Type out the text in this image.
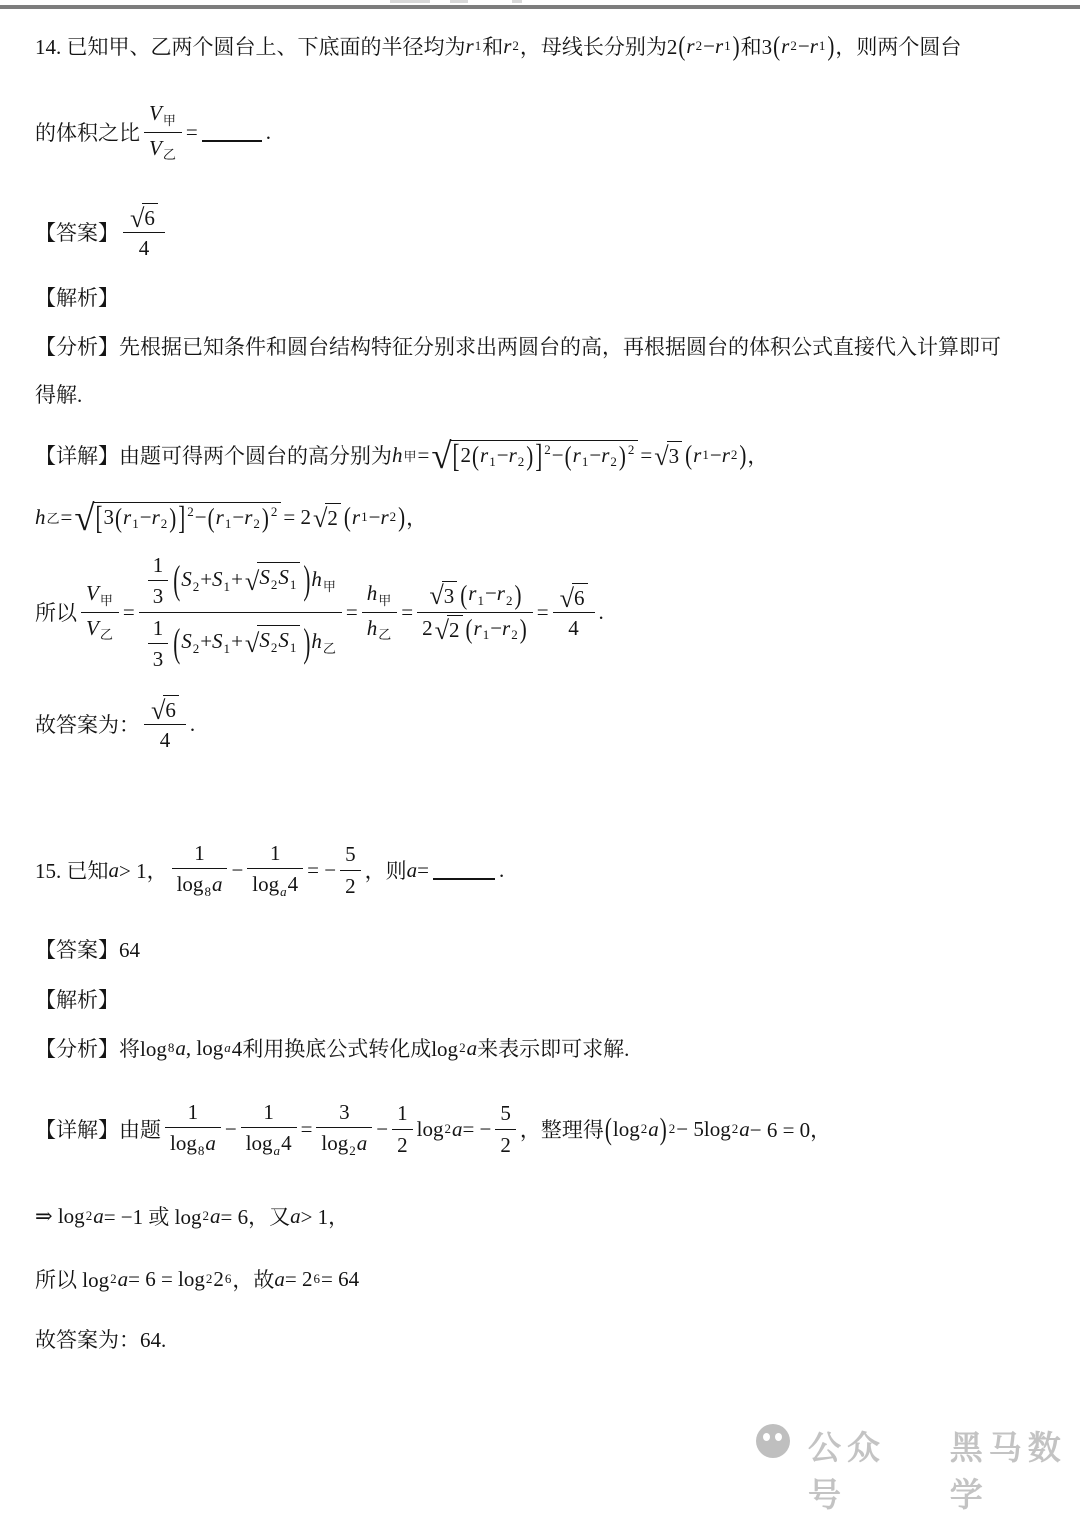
14. 已知甲、乙两个圆台上、下底面的半径均为 r 1 和 r 2 ，母线长分别为2 ( r 2 − r 1 ) 和3 ( r 2 − r 1 ) ，则两个圆台
的体积之比
V甲
V乙
=	.
【答案】
√ 6
4
【解析】
【分析】先根据已知条件和圆台结构特征分别求出两圆台的高，再根据圆台的体积公式直接代入计算即可
得解.
【详解】由题可得两个圆台的高分别为 h 甲 = √ [2(r1−r2)] 2−(r1−r2) 2 = √ 3 ( r 1 − r 2 ) ，
h 乙 = √ [3(r1−r2)] 2−(r1−r2) 2 = 2 √ 2 ( r 1 − r 2 ) ，
所以
V甲
V乙
=
$\frac{1}{3} (S2+S1+$ √ S2S1 )h甲
$\frac{1}{3} (S2+S1+$ √ S2S1 )h乙
=
h甲
h乙
= $\frac{√ 3 (r1-r2)}{2 √ 2 (r1-r2)} = \frac{√ 6}{4}$ .
故答案为：
√ 6
4
.
15. 已知 a > 1，
1
log8a
− $\frac{1}{\log a4}$ = − $\frac{5}{2}$ ，则 a =	.
【答案】64
【解析】
【分析】将log 8 a , log a 4利用换底公式转化成log 2 a 来表示即可求解.
【详解】由题
1
log8a
− $\frac{1}{\log a4} = \frac{3}{\log 2a} - \frac{1}{2}$ log 2 a = − $\frac{5}{2}$ ，整理得 ( log 2 a ) 2 − 5log 2 a − 6 = 0，
⇒ log 2 a = −1 或 log 2 a = 6，又 a > 1，
所以 log 2 a = 6 = log 2 2 6 ，故 a = 2 6 = 64
故答案为：64.
公众号
黑马数学
